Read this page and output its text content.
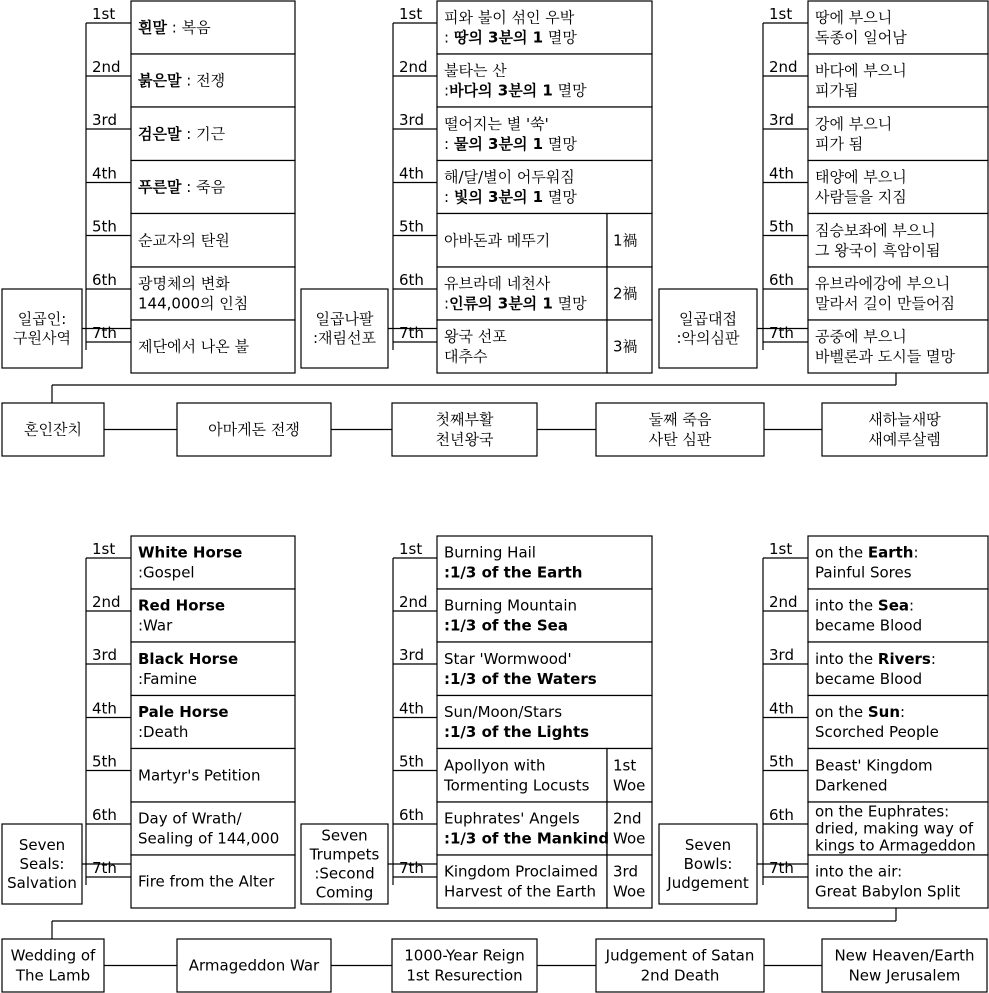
흰말 : 복음
1st
붉은말 : 전쟁
2nd
검은말 : 기근
3rd
푸른말 : 죽음
4th
순교자의 탄원
5th
광명체의 변화
144,000의 인침
6th
제단에서 나온 불
7th
일곱인:
구원사역
피와 불이 섞인 우박
: 땅의 3분의 1 멸망
1st
불타는 산
:바다의 3분의 1 멸망
2nd
떨어지는 별 '쑥'
: 물의 3분의 1 멸망
3rd
해/달/별이 어두워짐
: 빛의 3분의 1 멸망
4th
1禍
아바돈과 메뚜기
5th
2禍
유브라데 네천사
:인류의 3분의 1 멸망
6th
3禍
왕국 선포
대추수
7th
일곱나팔
:재림선포
땅에 부으니
독종이 일어남
1st
바다에 부으니
피가됨
2nd
강에 부으니
피가 됨
3rd
태양에 부으니
사람들을 지짐
4th
짐승보좌에 부으니
그 왕국이 흑암이됨
5th
유브라에강에 부으니
말라서 길이 만들어짐
6th
공중에 부으니
바벨론과 도시들 멸망
7th
일곱대접
:악의심판
혼인잔치	아마게돈 전쟁
첫째부활
천년왕국
둘째 죽음
사탄 심판
새하늘새땅
새예루살렘
White Horse
:Gospel
1st
Red Horse
:War
2nd
Black Horse
:Famine
3rd
Pale Horse
:Death
4th
Martyr's Petition
5th
Day of Wrath/
Sealing of 144,000
6th
Fire from the Alter
7th
Seven
Seals:
Salvation
Burning Hail
:1/3 of the Earth
1st
Burning Mountain
:1/3 of the Sea
2nd
Star 'Wormwood'
:1/3 of the Waters
3rd
Sun/Moon/Stars
:1/3 of the Lights
4th
1st
Woe
Apollyon with
Tormenting Locusts
5th
2nd
Woe
Euphrates' Angels
:1/3 of the Mankind
6th
3rd
Woe
Kingdom Proclaimed
Harvest of the Earth
7th
Seven
Trumpets
:Second
Coming
on the Earth:
Painful Sores
1st
into the Sea:
became Blood
2nd
into the Rivers:
became Blood
3rd
on the Sun:
Scorched People
4th
Beast' Kingdom
Darkened
5th
on the Euphrates:
dried, making way of
kings to Armageddon
6th
into the air:
Great Babylon Split
7th
Seven
Bowls:
Judgement
Wedding of
The Lamb
Armageddon War
1000-Year Reign
1st Resurection
Judgement of Satan
2nd Death
New Heaven/Earth
New Jerusalem
